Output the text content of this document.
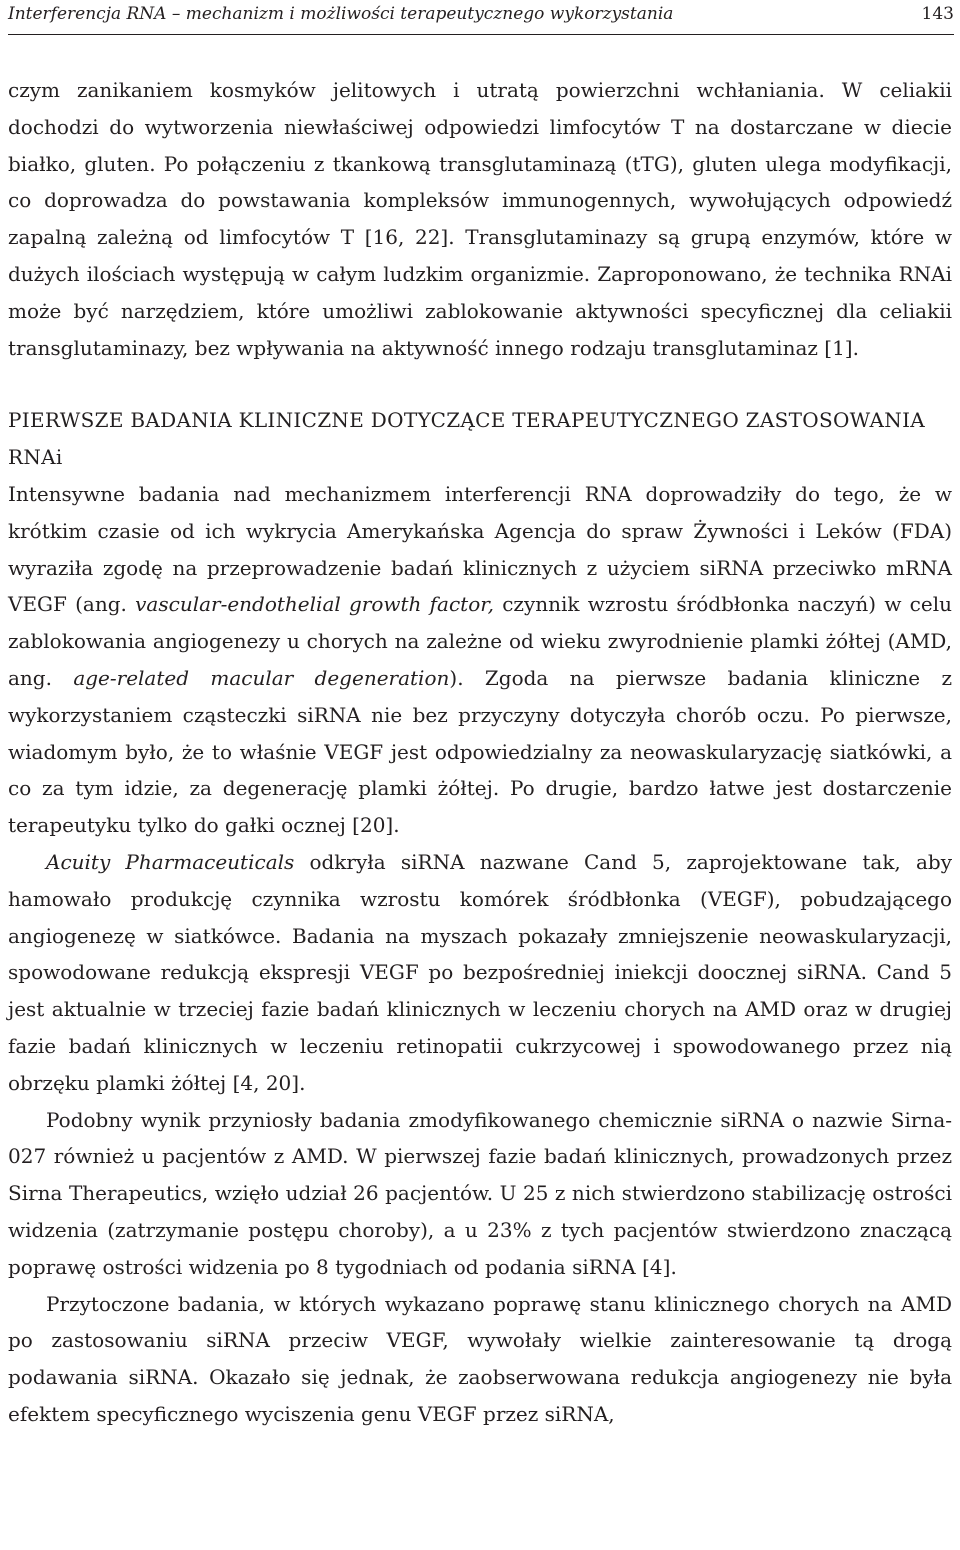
Interferencja RNA – mechanizm i możliwości terapeutycznego wykorzystania	143

czym zanikaniem kosmyków jelitowych i utratą powierzchni wchłaniania. W celiakii dochodzi do wytworzenia niewłaściwej odpowiedzi limfocytów T na dostarczane w diecie białko, gluten. Po połączeniu z tkankową transglutaminazą (tTG), gluten ulega modyfikacji, co doprowadza do powstawania kompleksów immunogennych, wywołujących odpowiedź zapalną zależną od limfocytów T [16, 22]. Transglutaminazy są grupą enzymów, które w dużych ilościach występują w całym ludzkim organizmie. Zaproponowano, że technika RNAi może być narzędziem, które umożliwi zablokowanie aktywności specyficznej dla celiakii transglutaminazy, bez wpływania na aktywność innego rodzaju transglutaminaz [1].

PIERWSZE BADANIA KLINICZNE DOTYCZĄCE TERAPEUTYCZNEGO ZASTOSOWANIA RNAi

Intensywne badania nad mechanizmem interferencji RNA doprowadziły do tego, że w krótkim czasie od ich wykrycia Amerykańska Agencja do spraw Żywności i Leków (FDA) wyraziła zgodę na przeprowadzenie badań klinicznych z użyciem siRNA przeciwko mRNA VEGF (ang. vascular-endothelial growth factor, czynnik wzrostu śródbłonka naczyń) w celu zablokowania angiogenezy u chorych na zależne od wieku zwyrodnienie plamki żółtej (AMD, ang. age-related macular degeneration). Zgoda na pierwsze badania kliniczne z wykorzystaniem cząsteczki siRNA nie bez przyczyny dotyczyła chorób oczu. Po pierwsze, wiadomym było, że to właśnie VEGF jest odpowiedzialny za neowaskularyzację siatkówki, a co za tym idzie, za degenerację plamki żółtej. Po drugie, bardzo łatwe jest dostarczenie terapeutyku tylko do gałki ocznej [20].

Acuity Pharmaceuticals odkryła siRNA nazwane Cand 5, zaprojektowane tak, aby hamowało produkcję czynnika wzrostu komórek śródbłonka (VEGF), pobudzającego angiogenezę w siatkówce. Badania na myszach pokazały zmniejszenie neowaskularyzacji, spowodowane redukcją ekspresji VEGF po bezpośredniej iniekcji doocznej siRNA. Cand 5 jest aktualnie w trzeciej fazie badań klinicznych w leczeniu chorych na AMD oraz w drugiej fazie badań klinicznych w leczeniu retinopatii cukrzycowej i spowodowanego przez nią obrzęku plamki żółtej [4, 20].

Podobny wynik przyniosły badania zmodyfikowanego chemicznie siRNA o nazwie Sirna-027 również u pacjentów z AMD. W pierwszej fazie badań klinicznych, prowadzonych przez Sirna Therapeutics, wzięło udział 26 pacjentów. U 25 z nich stwierdzono stabilizację ostrości widzenia (zatrzymanie postępu choroby), a u 23% z tych pacjentów stwierdzono znaczącą poprawę ostrości widzenia po 8 tygodniach od podania siRNA [4].

Przytoczone badania, w których wykazano poprawę stanu klinicznego chorych na AMD po zastosowaniu siRNA przeciw VEGF, wywołały wielkie zainteresowanie tą drogą podawania siRNA. Okazało się jednak, że zaobserwowana redukcja angiogenezy nie była efektem specyficznego wyciszenia genu VEGF przez siRNA,
